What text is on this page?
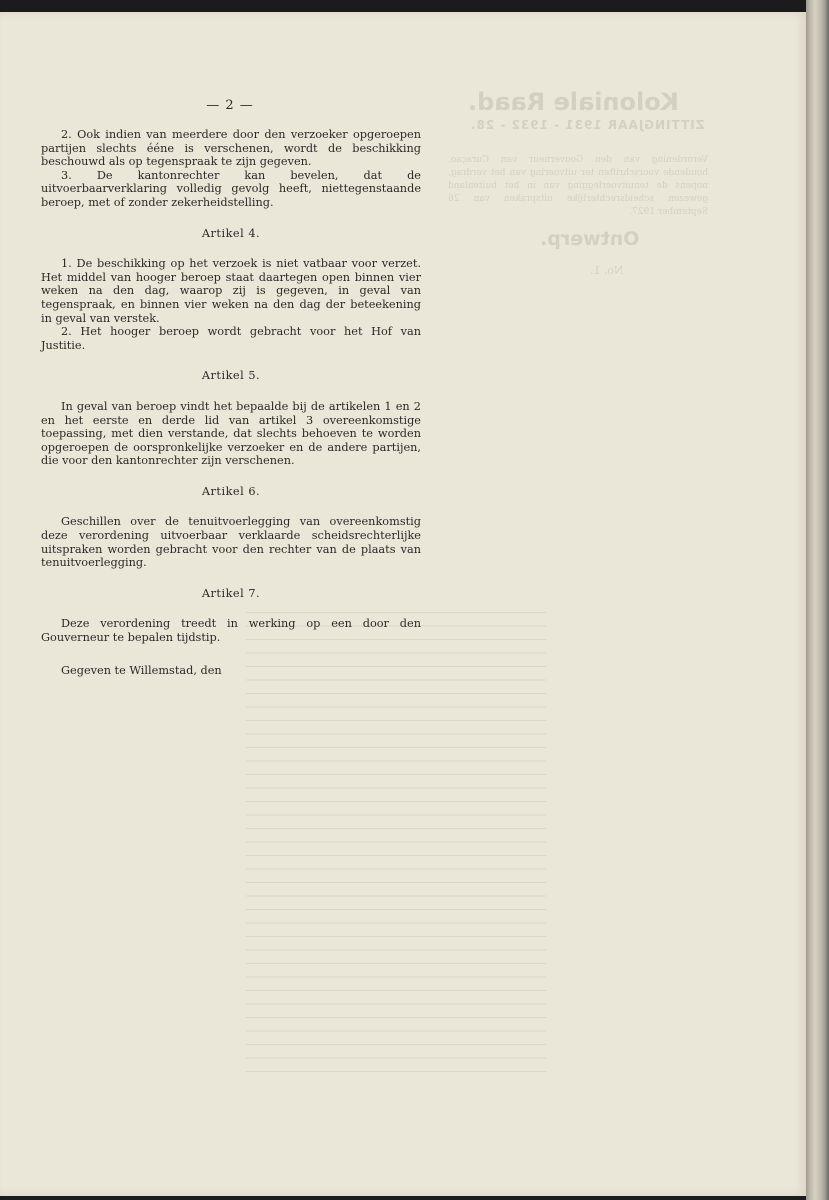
Koloniale Raad.
ZITTINGJAAR 1931 - 1932 - 28.
Verordening van den Gouverneur van Curaçao, houdende voorschriften ter uitvoering van het verdrag, nopens de tenuitvoerlegging van in het buitenland gewezen scheidsrechterlijke uitspraken van 26 September 1927.
Ontwerp.
No. 1.
— 2 —

2. Ook indien van meerdere door den verzoeker opgeroepen partijen slechts ééne is verschenen, wordt de beschikking beschouwd als op tegenspraak te zijn gegeven.

3. De kantonrechter kan bevelen, dat de uitvoerbaarverklaring volledig gevolg heeft, niettegenstaande beroep, met of zonder zekerheidstelling.

Artikel 4.

1. De beschikking op het verzoek is niet vatbaar voor verzet. Het middel van hooger beroep staat daartegen open binnen vier weken na den dag, waarop zij is gegeven, in geval van tegenspraak, en binnen vier weken na den dag der beteekening in geval van verstek.

2. Het hooger beroep wordt gebracht voor het Hof van Justitie.

Artikel 5.

In geval van beroep vindt het bepaalde bij de artikelen 1 en 2 en het eerste en derde lid van artikel 3 overeenkomstige toepassing, met dien verstande, dat slechts behoeven te worden opgeroepen de oorspronkelijke verzoeker en de andere partijen, die voor den kantonrechter zijn verschenen.

Artikel 6.

Geschillen over de tenuitvoerlegging van overeenkomstig deze verordening uitvoerbaar verklaarde scheidsrechterlijke uitspraken worden gebracht voor den rechter van de plaats van tenuitvoerlegging.

Artikel 7.

Deze verordening treedt in werking op een door den Gouverneur te bepalen tijdstip.

Gegeven te Willemstad, den
